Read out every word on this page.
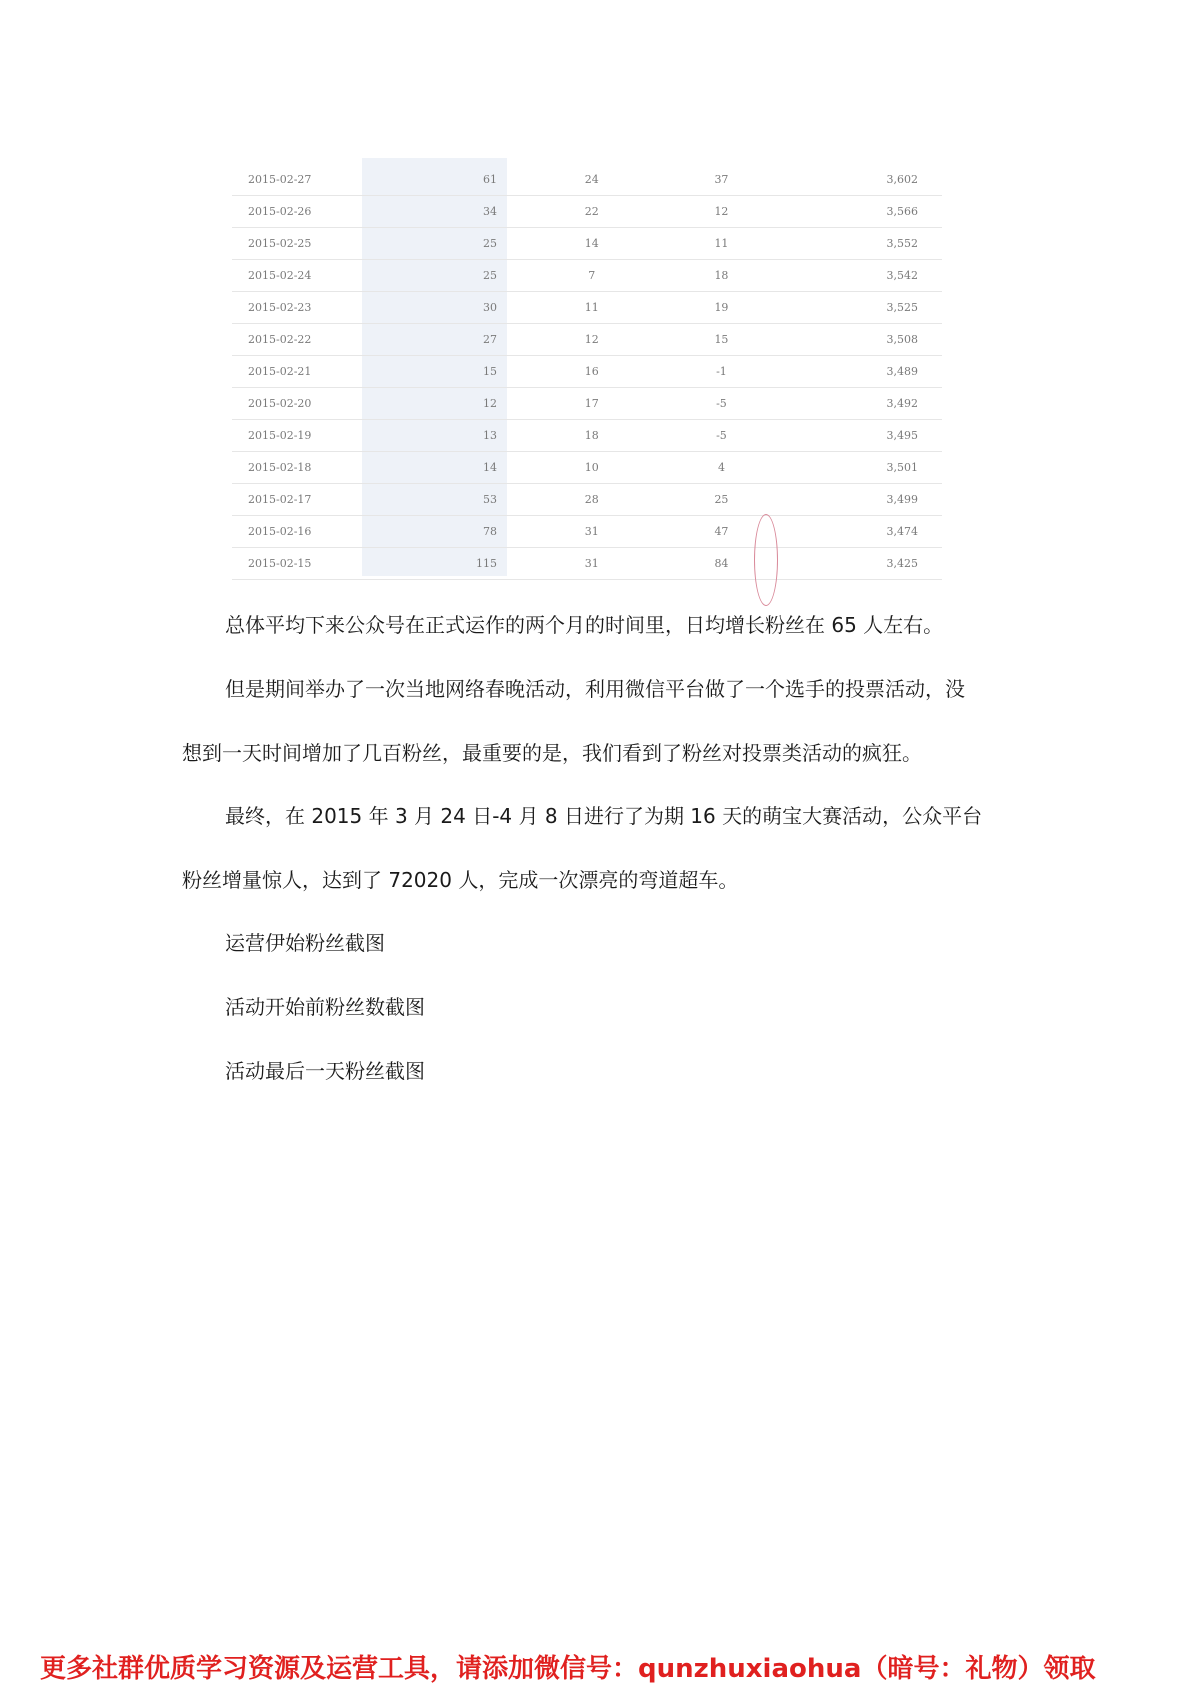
2015-02-27	61	24	37	3,602
2015-02-26	34	22	12	3,566
2015-02-25	25	14	11	3,552
2015-02-24	25	7	18	3,542
2015-02-23	30	11	19	3,525
2015-02-22	27	12	15	3,508
2015-02-21	15	16	-1	3,489
2015-02-20	12	17	-5	3,492
2015-02-19	13	18	-5	3,495
2015-02-18	14	10	4	3,501
2015-02-17	53	28	25	3,499
2015-02-16	78	31	47	3,474
2015-02-15	115	31	84	3,425

总体平均下来公众号在正式运作的两个月的时间里，日均增长粉丝在 65 人左右。

但是期间举办了一次当地网络春晚活动，利用微信平台做了一个选手的投票活动，没

想到一天时间增加了几百粉丝，最重要的是，我们看到了粉丝对投票类活动的疯狂。

最终，在 2015 年 3 月 24 日-4 月 8 日进行了为期 16 天的萌宝大赛活动，公众平台

粉丝增量惊人，达到了 72020 人，完成一次漂亮的弯道超车。

运营伊始粉丝截图

活动开始前粉丝数截图

活动最后一天粉丝截图

更多社群优质学习资源及运营工具，请添加微信号：qunzhuxiaohua（暗号：礼物）领取
